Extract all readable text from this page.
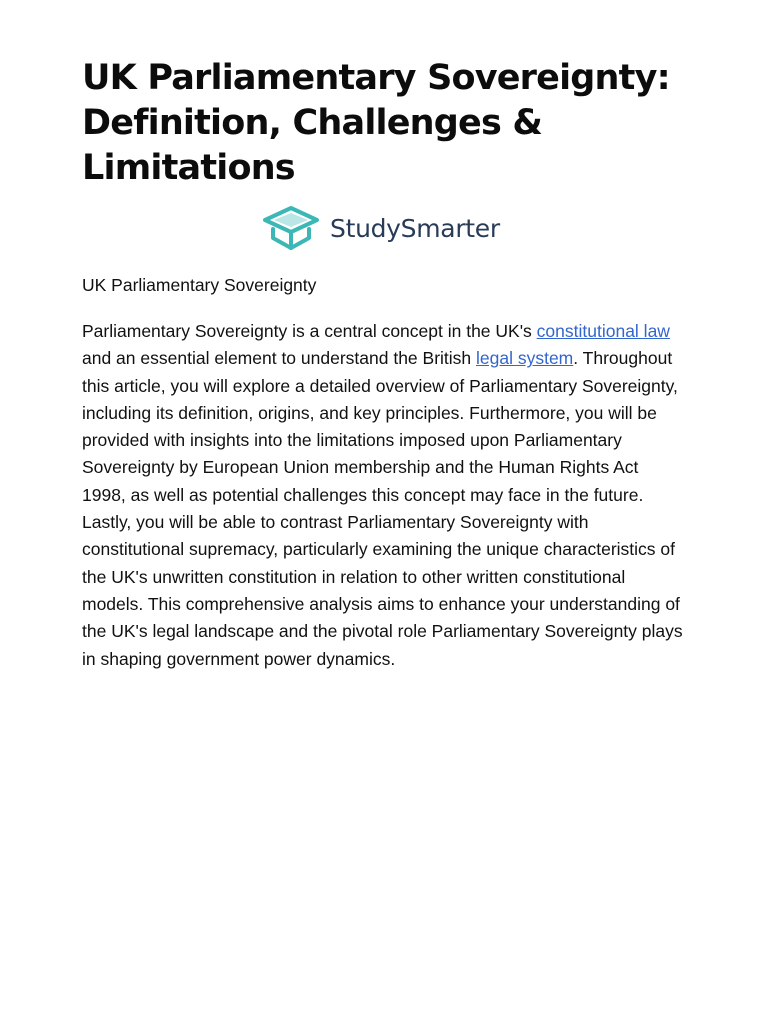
UK Parliamentary Sovereignty: Definition, Challenges & Limitations
StudySmarter

UK Parliamentary Sovereignty

Parliamentary Sovereignty is a central concept in the UK's constitutional law and an essential element to understand the British legal system. Throughout this article, you will explore a detailed overview of Parliamentary Sovereignty, including its definition, origins, and key principles. Furthermore, you will be provided with insights into the limitations imposed upon Parliamentary Sovereignty by European Union membership and the Human Rights Act 1998, as well as potential challenges this concept may face in the future. Lastly, you will be able to contrast Parliamentary Sovereignty with constitutional supremacy, particularly examining the unique characteristics of the UK's unwritten constitution in relation to other written constitutional models. This comprehensive analysis aims to enhance your understanding of the UK's legal landscape and the pivotal role Parliamentary Sovereignty plays in shaping government power dynamics.
